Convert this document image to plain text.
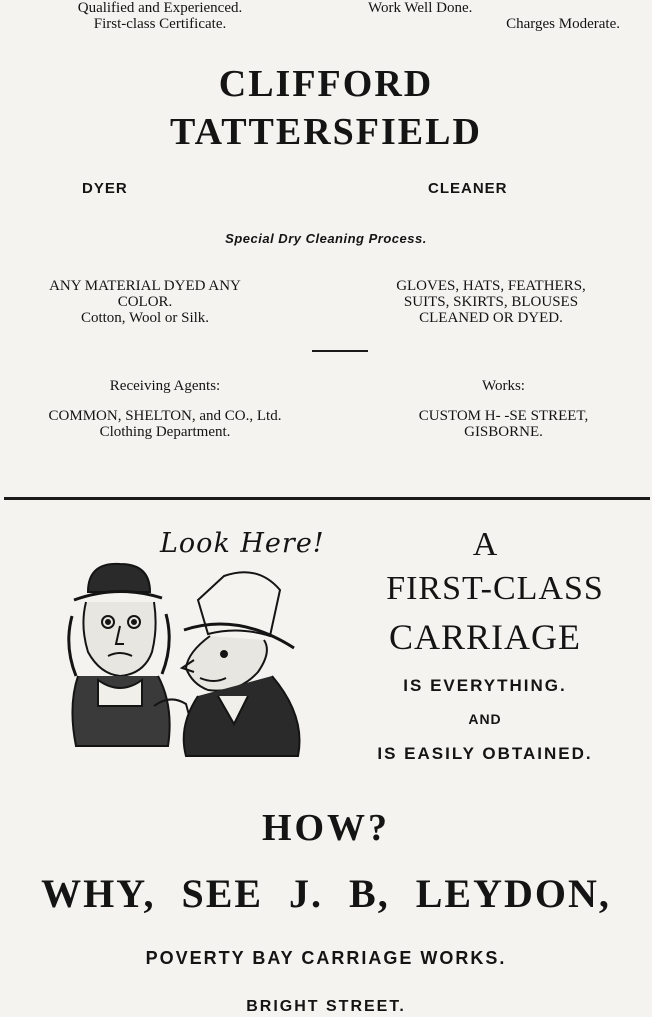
Qualified and Experienced.
First-class Certificate.
Work Well Done.
Charges Moderate.
CLIFFORD
TATTERSFIELD
DYER	CLEANER
Special Dry Cleaning Process.
ANY MATERIAL DYED ANY
COLOR.
Cotton, Wool or Silk.
GLOVES, HATS, FEATHERS,
SUITS, SKIRTS, BLOUSES
CLEANED OR DYED.
Receiving Agents:
COMMON, SHELTON, and CO., Ltd.
Clothing Department.
Works:
CUSTOM H- -SE STREET,
GISBORNE.
Look Here!	A
FIRST-CLASS
CARRIAGE
IS EVERYTHING.
AND
IS EASILY OBTAINED.
HOW?
WHY, SEE J. B, LEYDON,
POVERTY BAY CARRIAGE WORKS.
BRIGHT STREET.
